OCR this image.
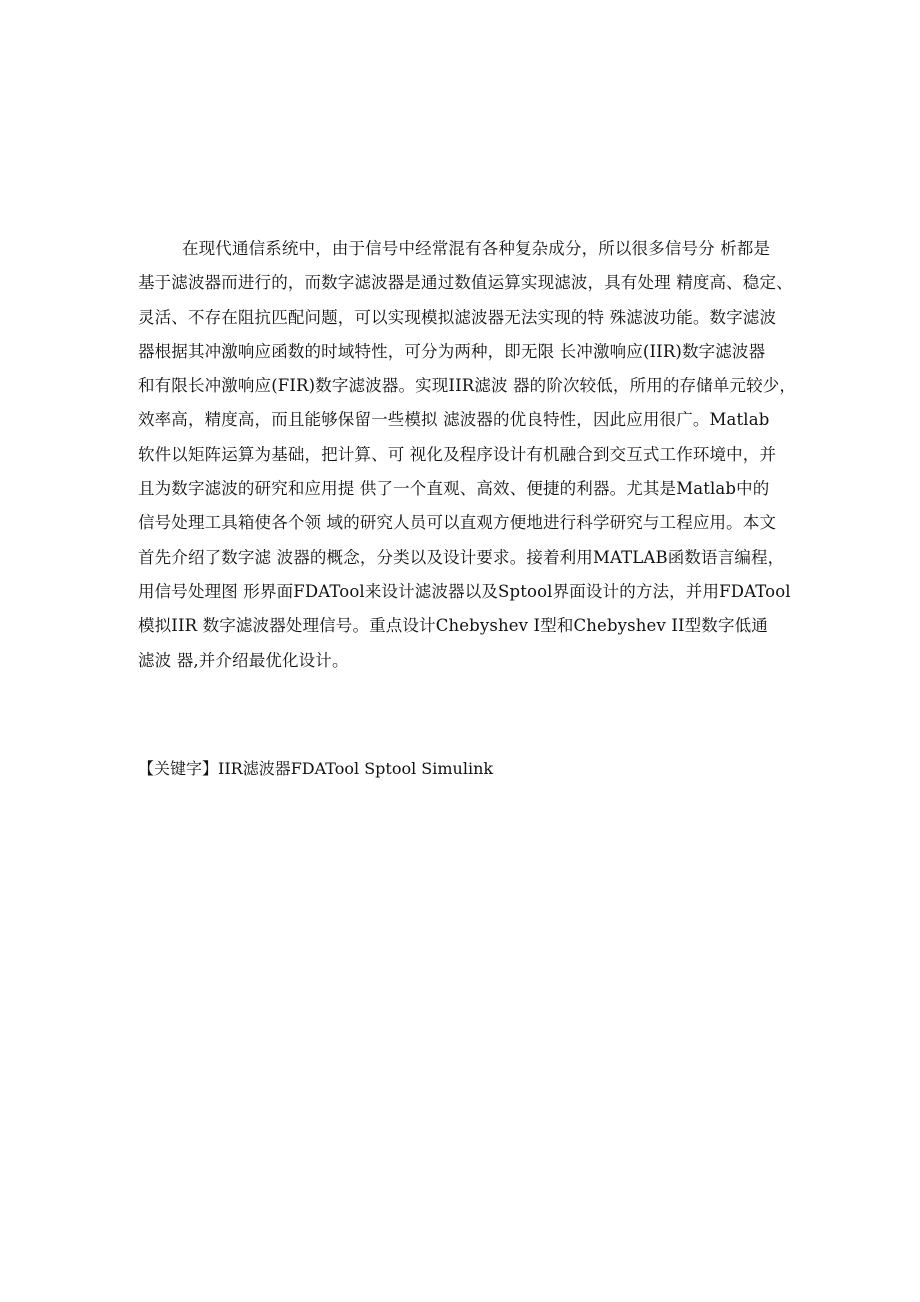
在现代通信系统中，由于信号中经常混有各种复杂成分，所以很多信号分 析都是
基于滤波器而进行的，而数字滤波器是通过数值运算实现滤波，具有处理 精度高、稳定、
灵活、不存在阻抗匹配问题，可以实现模拟滤波器无法实现的特 殊滤波功能。数字滤波
器根据其冲激响应函数的时域特性，可分为两种，即无限 长冲激响应(IIR)数字滤波器
和有限长冲激响应(FIR)数字滤波器。实现IIR滤波 器的阶次较低，所用的存储单元较少，
效率高，精度高，而且能够保留一些模拟 滤波器的优良特性，因此应用很广。Matlab
软件以矩阵运算为基础，把计算、可 视化及程序设计有机融合到交互式工作环境中，并
且为数字滤波的研究和应用提 供了一个直观、高效、便捷的利器。尤其是Matlab中的
信号处理工具箱使各个领 域的研究人员可以直观方便地进行科学研究与工程应用。本文
首先介绍了数字滤 波器的概念，分类以及设计要求。接着利用MATLAB函数语言编程，
用信号处理图 形界面FDATool来设计滤波器以及Sptool界面设计的方法，并用FDATool
模拟IIR 数字滤波器处理信号。重点设计Chebyshev I型和Chebyshev II型数字低通
滤波 器,并介绍最优化设计。
【关键字】IIR滤波器FDATool Sptool Simulink
